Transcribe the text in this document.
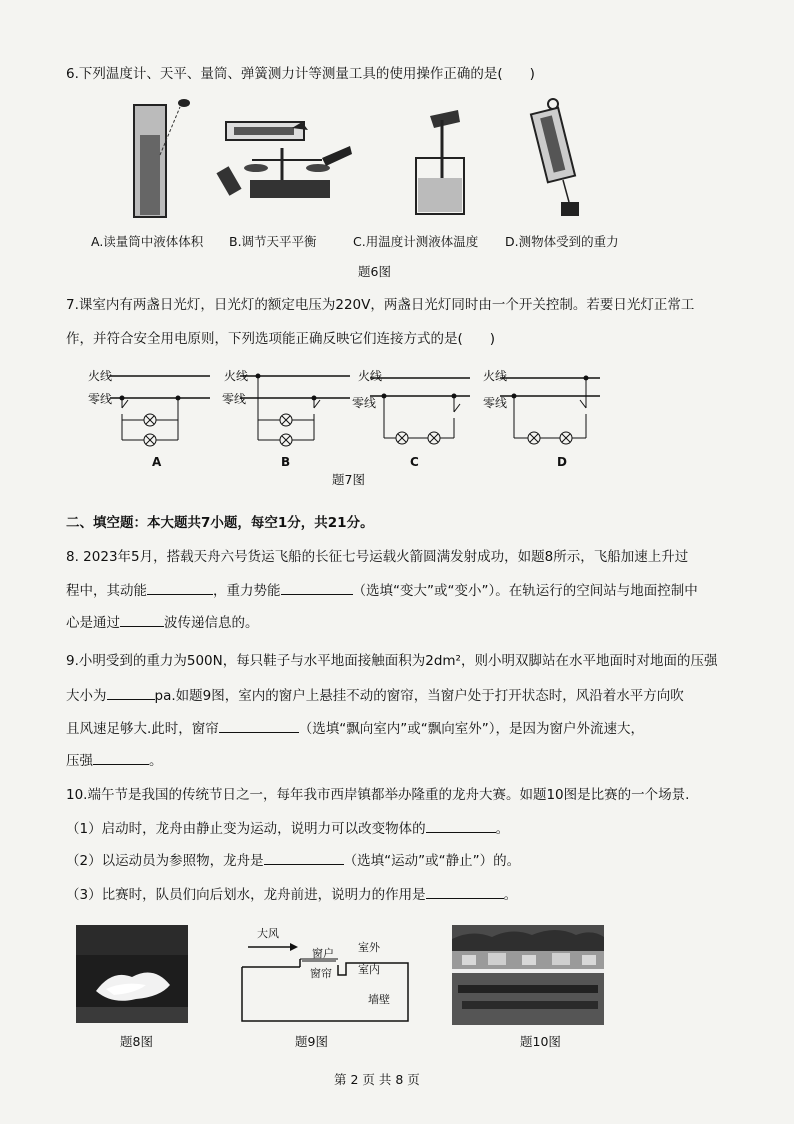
6.下列温度计、天平、量筒、弹簧测力计等测量工具的使用操作正确的是(　　)
A.读量筒中液体体积 B.调节天平平衡	C.用温度计测液体温度 D.测物体受到的重力
题6图
7.课室内有两盏日光灯，日光灯的额定电压为220V，两盏日光灯同时由一个开关控制。若要日光灯正常工
作，并符合安全用电原则，下列选项能正确反映它们连接方式的是(　　)
火线
零线
A
火线
零线
B
火线
零线
C
火线
零线
D
题7图
二、填空题：本大题共7小题，每空1分，共21分。
8. 2023年5月，搭载天舟六号货运飞船的长征七号运载火箭圆满发射成功，如题8所示，飞船加速上升过
程中，其动能	，重力势能	（选填“变大”或“变小”）。在轨运行的空间站与地面控制中
心是通过	波传递信息的。
9.小明受到的重力为500N，每只鞋子与水平地面接触面积为2dm²，则小明双脚站在水平地面时对地面的压强
大小为	pa.如题9图，室内的窗户上悬挂不动的窗帘，当窗户处于打开状态时，风沿着水平方向吹
且风速足够大.此时，窗帘	（选填“飘向室内”或“飘向室外”），是因为窗户外流速大，
压强	。
10.端午节是我国的传统节日之一，每年我市西岸镇都举办隆重的龙舟大赛。如题10图是比赛的一个场景.
（1）启动时，龙舟由静止变为运动，说明力可以改变物体的	。
（2）以运动员为参照物，龙舟是	（选填“运动”或“静止”）的。
（3）比赛时，队员们向后划水，龙舟前进，说明力的作用是	。
题8图
大风
窗户 室外
窗帘 室内
墙壁
题9图	题10图
第 2 页 共 8 页
